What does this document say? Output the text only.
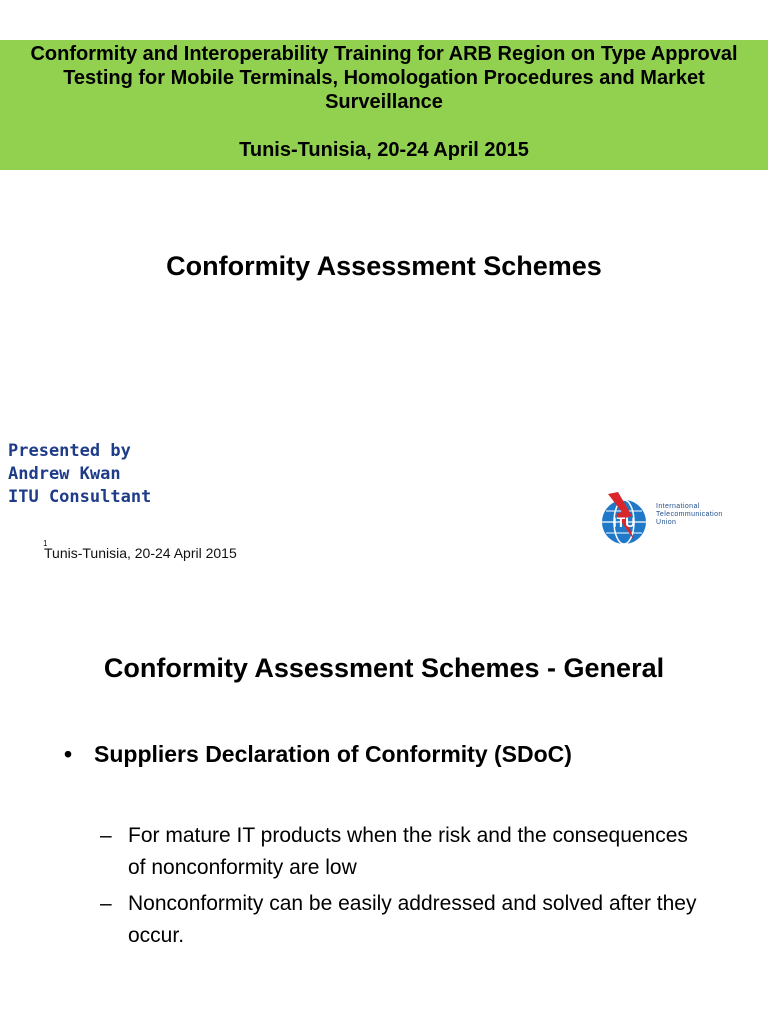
Conformity and Interoperability Training for ARB Region on Type Approval Testing for Mobile Terminals, Homologation Procedures and Market Surveillance
Tunis-Tunisia, 20-24 April 2015
Conformity Assessment Schemes
Presented by
Andrew Kwan
ITU Consultant
1
Tunis-Tunisia, 20-24 April 2015
ITU
International
Telecommunication
Union
Conformity Assessment Schemes - General
• Suppliers Declaration of Conformity (SDoC)
– For mature IT products when the risk and the consequences of nonconformity are low
– Nonconformity can be easily addressed and solved after they occur.
